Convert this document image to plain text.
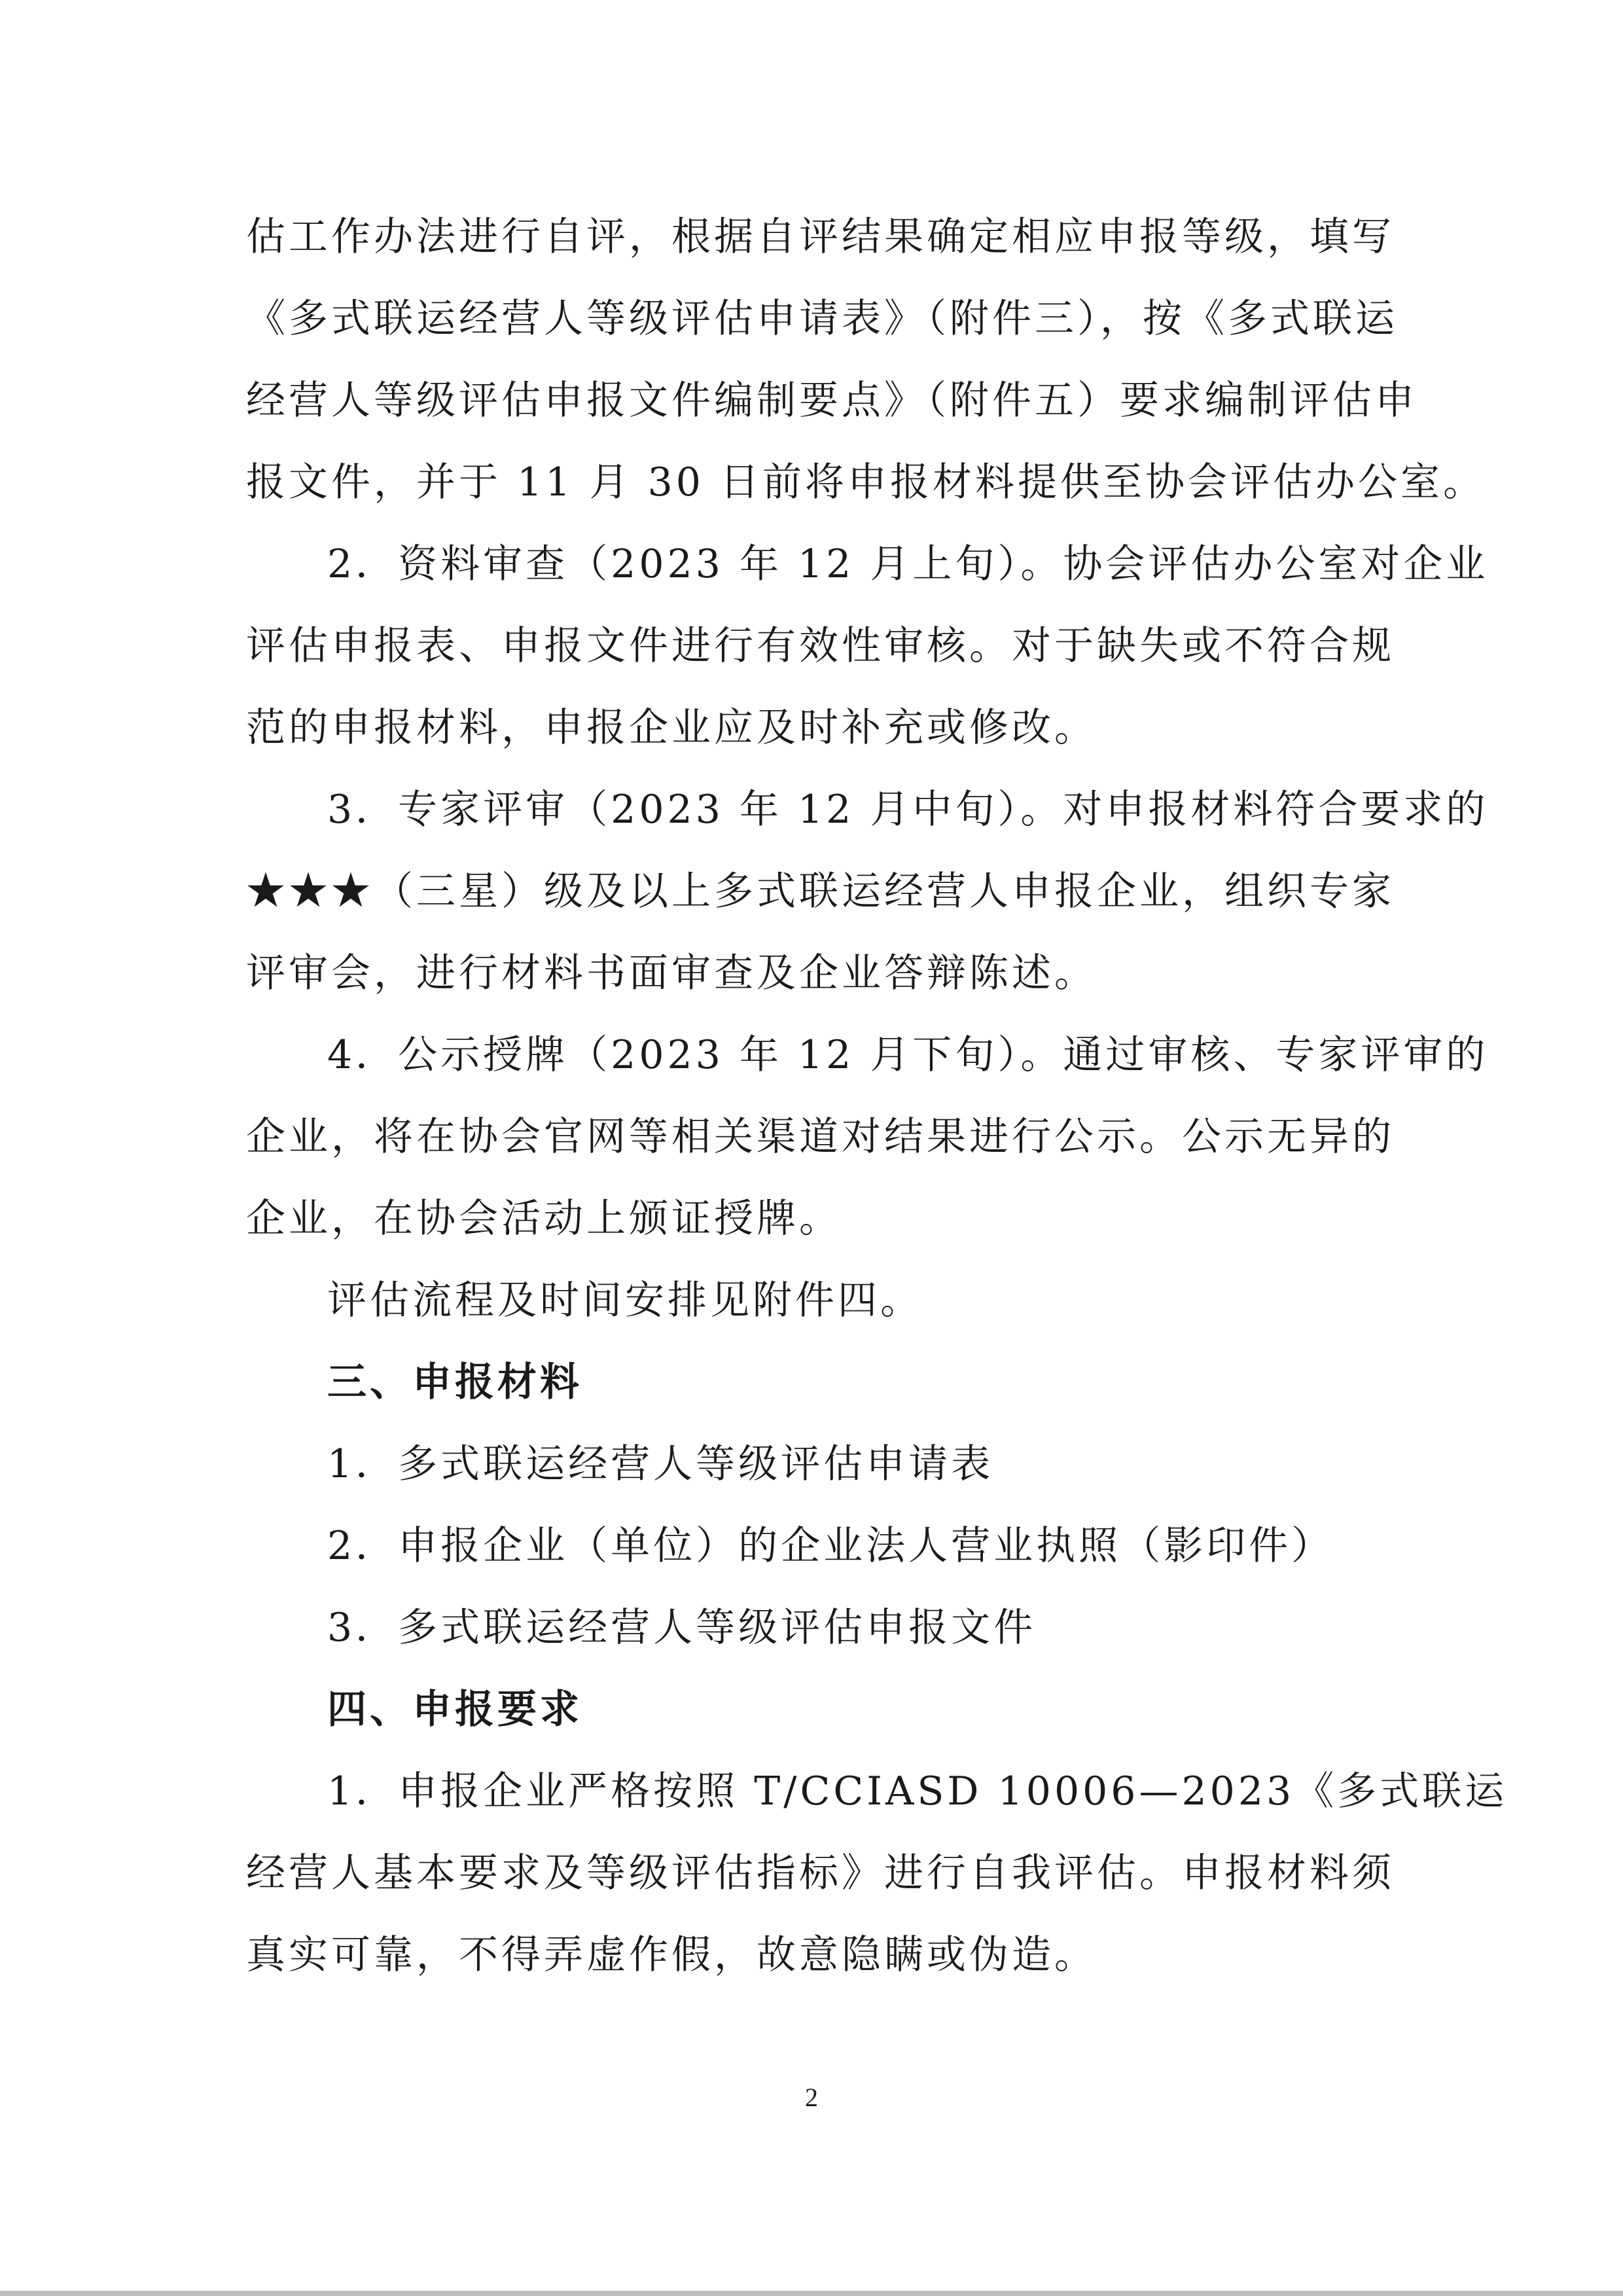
估工作办法进行自评，根据自评结果确定相应申报等级，填写
《多式联运经营人等级评估申请表》（附件三），按《多式联运
经营人等级评估申报文件编制要点》（附件五）要求编制评估申
报文件，并于 11 月 30 日前将申报材料提供至协会评估办公室。
2．资料审查（2023 年 12 月上旬）。协会评估办公室对企业
评估申报表、申报文件进行有效性审核。对于缺失或不符合规
范的申报材料，申报企业应及时补充或修改。
3．专家评审（2023 年 12 月中旬）。对申报材料符合要求的
★★★（三星）级及以上多式联运经营人申报企业，组织专家
评审会，进行材料书面审查及企业答辩陈述。
4．公示授牌（2023 年 12 月下旬）。通过审核、专家评审的
企业，将在协会官网等相关渠道对结果进行公示。公示无异的
企业，在协会活动上颁证授牌。
评估流程及时间安排见附件四。
三、申报材料
1．多式联运经营人等级评估申请表
2．申报企业（单位）的企业法人营业执照（影印件）
3．多式联运经营人等级评估申报文件
四、申报要求
1．申报企业严格按照 T/CCIASD 10006—2023《多式联运
经营人基本要求及等级评估指标》进行自我评估。申报材料须
真实可靠，不得弄虚作假，故意隐瞒或伪造。
2
